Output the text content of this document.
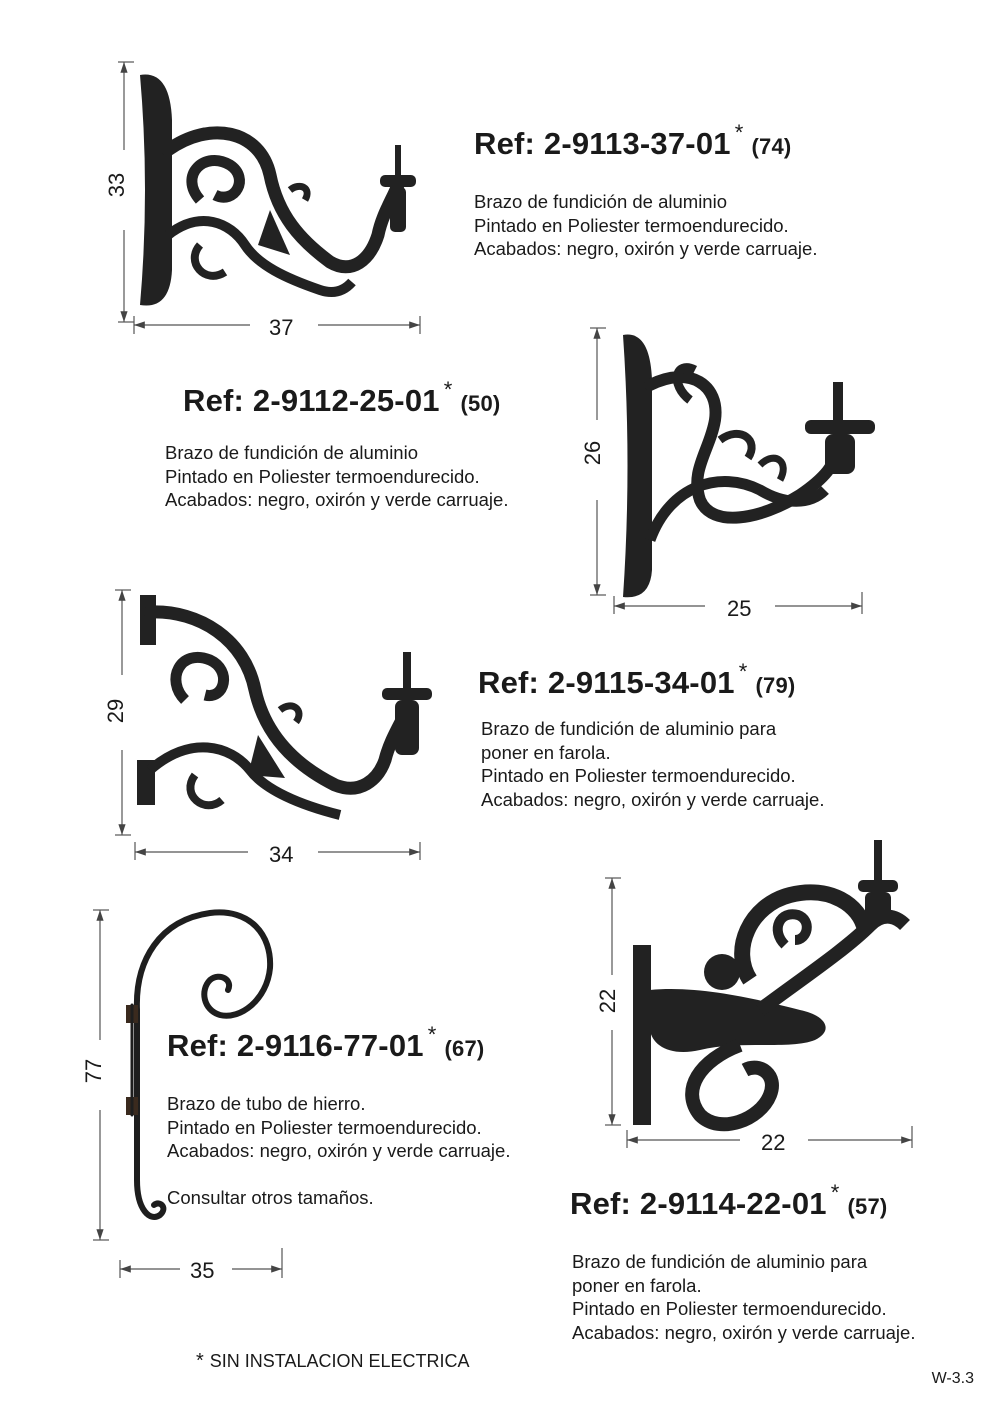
Ref: 2-9113-37-01 *(74)
Brazo de fundición de aluminio
Pintado en Poliester termoendurecido.
Acabados: negro, oxirón y verde carruaje.
33
37
Ref: 2-9112-25-01 *(50)
Brazo de fundición de aluminio
Pintado en Poliester termoendurecido.
Acabados: negro, oxirón y verde carruaje.
26
25
Ref: 2-9115-34-01 *(79)
Brazo de fundición de aluminio para
poner en farola.
Pintado en Poliester termoendurecido.
Acabados: negro, oxirón y verde carruaje.
29
34
Ref: 2-9116-77-01 *(67)
Brazo de tubo de hierro.
Pintado en Poliester termoendurecido.
Acabados: negro, oxirón y verde carruaje.
Consultar otros tamaños.
77
35
Ref: 2-9114-22-01 *(57)
Brazo de fundición de aluminio para
poner en farola.
Pintado en Poliester termoendurecido.
Acabados: negro, oxirón y verde carruaje.
22
22
* SIN INSTALACION ELECTRICA
W-3.3
